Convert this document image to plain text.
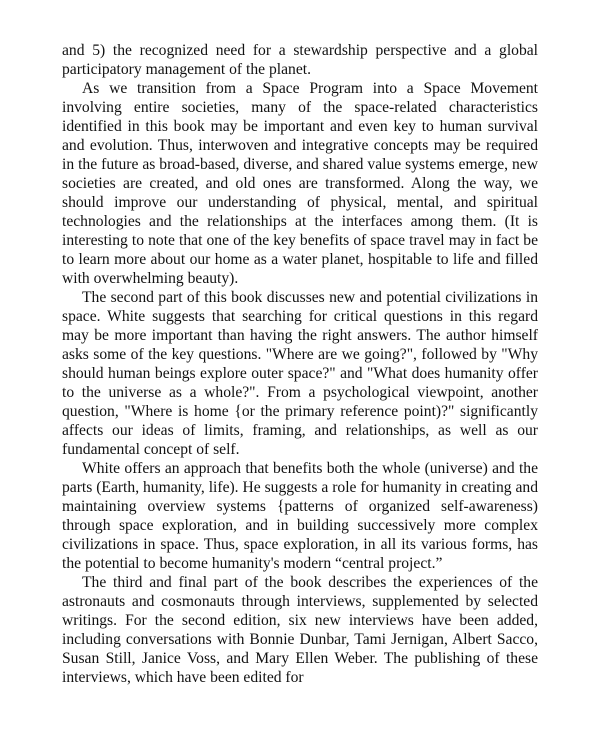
and 5) the recognized need for a stewardship perspective and a global participatory management of the planet.

As we transition from a Space Program into a Space Movement involving entire societies, many of the space-related characteristics identified in this book may be important and even key to human survival and evolution. Thus, interwoven and integrative concepts may be required in the future as broad-based, diverse, and shared value systems emerge, new societies are created, and old ones are transformed. Along the way, we should improve our understanding of physical, mental, and spiritual technologies and the relationships at the interfaces among them. (It is interesting to note that one of the key benefits of space travel may in fact be to learn more about our home as a water planet, hospitable to life and filled with overwhelming beauty).

The second part of this book discusses new and potential civilizations in space. White suggests that searching for critical questions in this regard may be more important than having the right answers. The author himself asks some of the key questions. "Where are we going?", followed by "Why should human beings explore outer space?" and "What does humanity offer to the universe as a whole?". From a psychological viewpoint, another question, "Where is home {or the primary reference point)?" significantly affects our ideas of limits, framing, and relationships, as well as our fundamental concept of self.

White offers an approach that benefits both the whole (universe) and the parts (Earth, humanity, life). He suggests a role for humanity in creating and maintaining overview systems {patterns of organized self-awareness) through space exploration, and in building successively more complex civilizations in space. Thus, space exploration, in all its various forms, has the potential to become humanity's modern “central project.”

The third and final part of the book describes the experiences of the astronauts and cosmonauts through interviews, supplemented by selected writings. For the second edition, six new interviews have been added, including conversations with Bonnie Dunbar, Tami Jernigan, Albert Sacco, Susan Still, Janice Voss, and Mary Ellen Weber. The publishing of these interviews, which have been edited for
